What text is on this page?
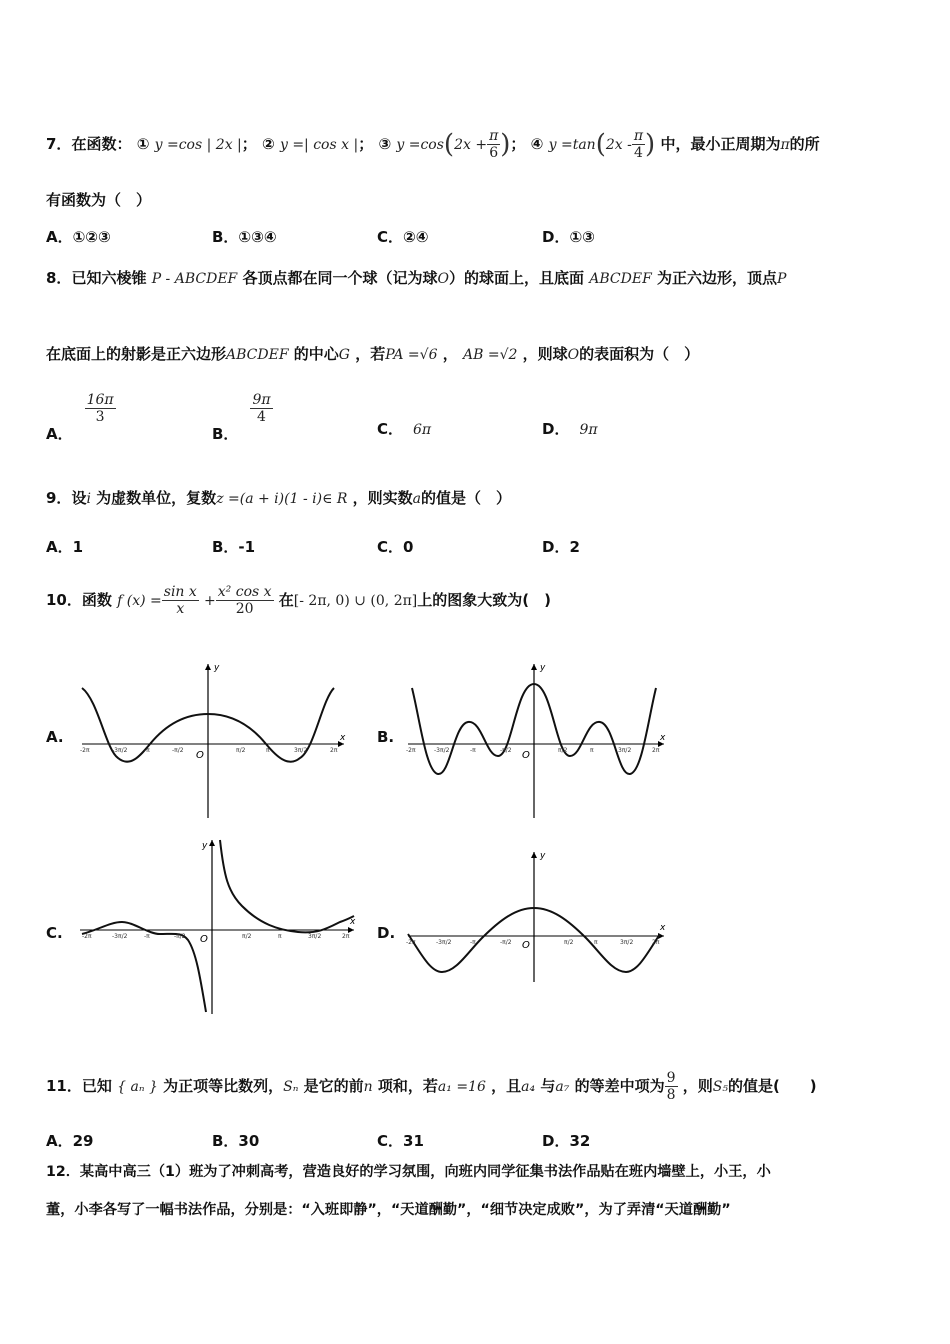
7．在函数： ① y =cos | 2x |； ② y =| cos x |； ③ $y =\cos(2x + \frac{\pi}{6}$ )； ④ $y =\tan(2x - \frac{\pi}{4}$ ) 中，最小正周期为π的所
有函数为（　）
A．①②③	B．①③④	C．②④	D．①③
8．已知六棱锥 P - ABCDEF 各顶点都在同一个球（记为球O）的球面上，且底面 ABCDEF 为正六边形，顶点P
在底面上的射影是正六边形ABCDEF 的中心G ，若PA =√6 ， AB =√2 ，则球O的表面积为（　）
A．
$\frac{16\pi}{3}$
B．
$\frac{9\pi}{4}$
C． 6π	D． 9π
9．设i 为虚数单位，复数z =(a + i)(1 - i)∈ R ，则实数a的值是（　）
A．1	B．-1	C．0	D．2
10．函数 f $(x) = \frac{\text{sin x}}{x} + \frac{\text{x² cos x}}{20}$ 在[- 2π, 0) ∪ (0, 2π]上的图象大致为(　)
A.
y
x
O
-2π	-3π/2	-π	-π/2	π/2	π	3π/2	2π
B.
y
x
O
-2π	-3π/2	-π	-π/2	π/2	π	3π/2	2π
C.
y
x
O
-2π	-3π/2	-π	-π/2	π/2	π	3π/2	2π D.
y
x
O
-2π	-3π/2	-π	-π/2	π/2	π	3π/2	2π
11．已知 { aₙ } 为正项等比数列，Sₙ 是它的前n 项和，若a₁ =16 ，且a₄ 与a₇ 的等差中项为 $\frac{9}{8}$ ，则S₅的值是(　　)
A．29	B．30	C．31	D．32
12．某高中高三（1）班为了冲刺高考，营造良好的学习氛围，向班内同学征集书法作品贴在班内墙壁上，小王，小
董，小李各写了一幅书法作品，分别是：“入班即静”，“天道酬勤”，“细节决定成败”，为了弄清“天道酬勤”
